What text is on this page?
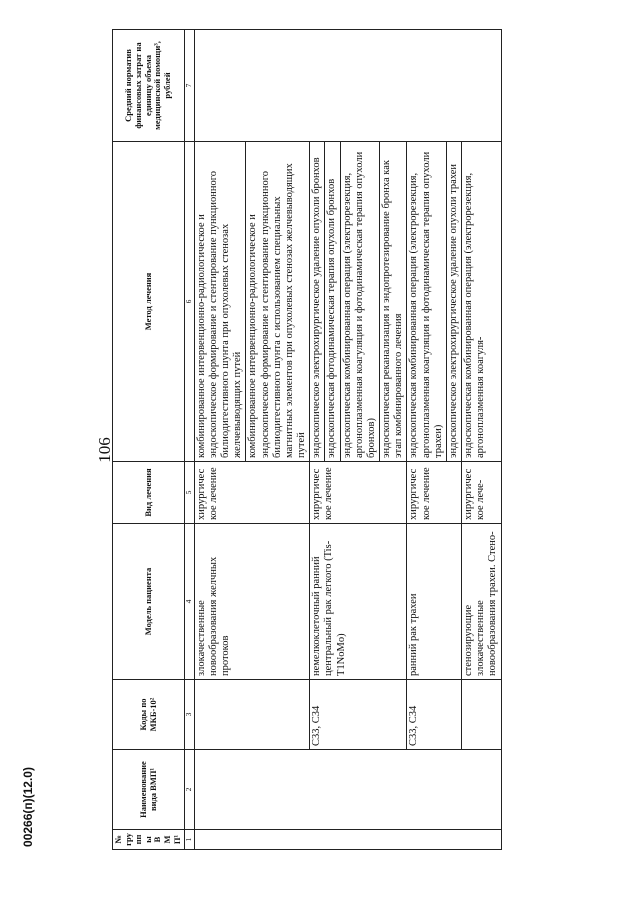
106
00266(п)(12.0)	№ группы ВМП¹	Наименование вида ВМП¹	Коды по МКБ-10²	Модель пациента	Вид лечения	Метод лечения	Средний норматив финансовых затрат на единицу объема медицинской помощи³, рублей
1	2	3	4	5	6	7
			злокачественные новообразования желчных протоков	хирургическое лечение	комбинированное интервенционно-радиологическое и эндоскопическое формирование и стентирование пункционного билиодигестивного шунта при опухолевых стенозах желчевыводящих путей	
					комбинированное интервенционно-радиологическое и эндоскопическое формирование и стентирование пункционного билиодигестивного шунта с использованием специальных магнитных элементов при опухолевых стенозах желчевыводящих путей	
		C33, C34	немелкоклеточный ранний центральный рак легкого (Tis-T1NoMo)	хирургическое лечение	эндоскопическое электрохирургическое удаление опухоли бронхов	
					эндоскопическая фотодинамическая терапия опухоли бронхов	
					эндоскопическая комбинированная операция (электрорезекция, аргоноплазменная коагуляция и фотодинамическая терапия опухоли бронхов)	
					эндоскопическая реканализация и эндопротезирование бронха как этап комбинированного лечения	
		C33, C34	ранний рак трахеи	хирургическое лечение	эндоскопическая комбинированная операция (электрорезекция, аргоноплазменная коагуляция и фотодинамическая терапия опухоли трахеи)	
					эндоскопическое электрохирургическое удаление опухоли трахеи	
			стенозирующие злокачественные новообразования трахеи. Стено-	хирургическое лече-	эндоскопическая комбинированная операция (электрорезекция, аргоноплазменная коагуля-	
